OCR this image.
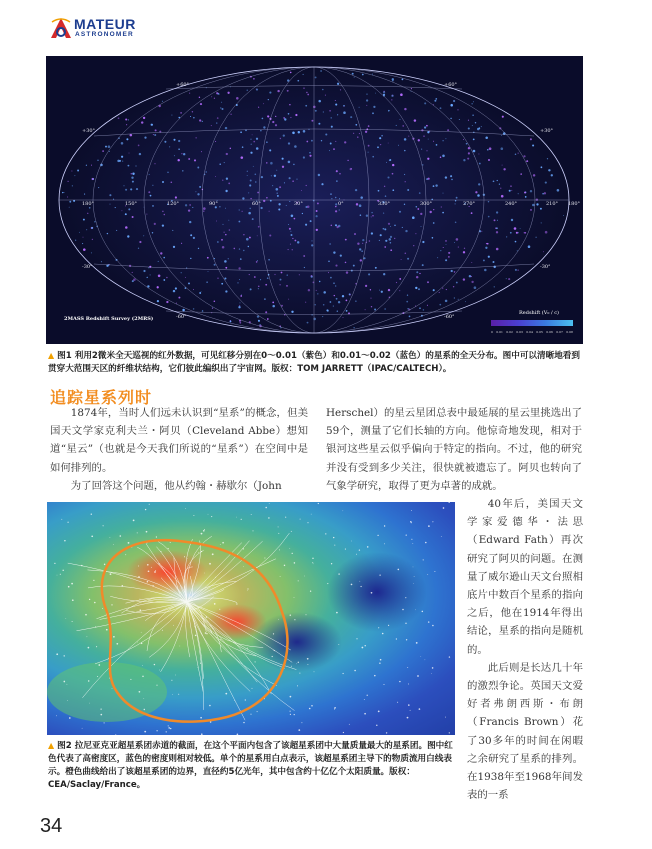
MATEUR
ASTRONOMER
+60°	+60°
+30°	+30°
-30°	-30°
-60°	-60°
180°	150°	120°	90°	60°	30°	0°	330°	300°	270°	240°	210° 180°
2MASS Redshift Survey (2MRS)
Redshift (V₀ / c)
0 0.01 0.02 0.03 0.04 0.05 0.06 0.07 0.08
▲ 图1 利用2微米全天巡视的红外数据，可见红移分别在0～0.01（紫色）和0.01～0.02（蓝色）的星系的全天分布。图中可以清晰地看到贯穿大范围天区的纤维状结构，它们彼此编织出了宇宙网。版权：TOM JARRETT（IPAC/CALTECH）。
追踪星系列时

1874年，当时人们远未认识到“星系”的概念，但美国天文学家克利夫兰・阿贝（Cleveland Abbe）想知道“星云”（也就是今天我们所说的“星系”）在空间中是如何排列的。

为了回答这个问题，他从约翰・赫歇尔（John

Herschel）的星云星团总表中最延展的星云里挑选出了59个，测量了它们长轴的方向。他惊奇地发现，相对于银河这些星云似乎偏向于特定的指向。不过，他的研究并没有受到多少关注，很快就被遗忘了。阿贝也转向了气象学研究，取得了更为卓著的成就。

▲ 图2 拉尼亚克亚超星系团赤道的截面，在这个平面内包含了该超星系团中大量质量最大的星系团。图中红色代表了高密度区，蓝色的密度则相对较低。单个的星系用白点表示，该超星系团主导下的物质流用白线表示。橙色曲线给出了该超星系团的边界，直径约5亿光年，其中包含约十亿亿个太阳质量。版权：CEA/Saclay/France。

40年后，美国天文学家爱德华・法思（Edward Fath）再次研究了阿贝的问题。在测量了威尔逊山天文台照相底片中数百个星系的指向之后，他在1914年得出结论，星系的指向是随机的。

此后则是长达几十年的激烈争论。英国天文爱好者弗朗西斯・布朗（Francis Brown）花了30多年的时间在闲暇之余研究了星系的排列。在1938年至1968年间发表的一系

34
